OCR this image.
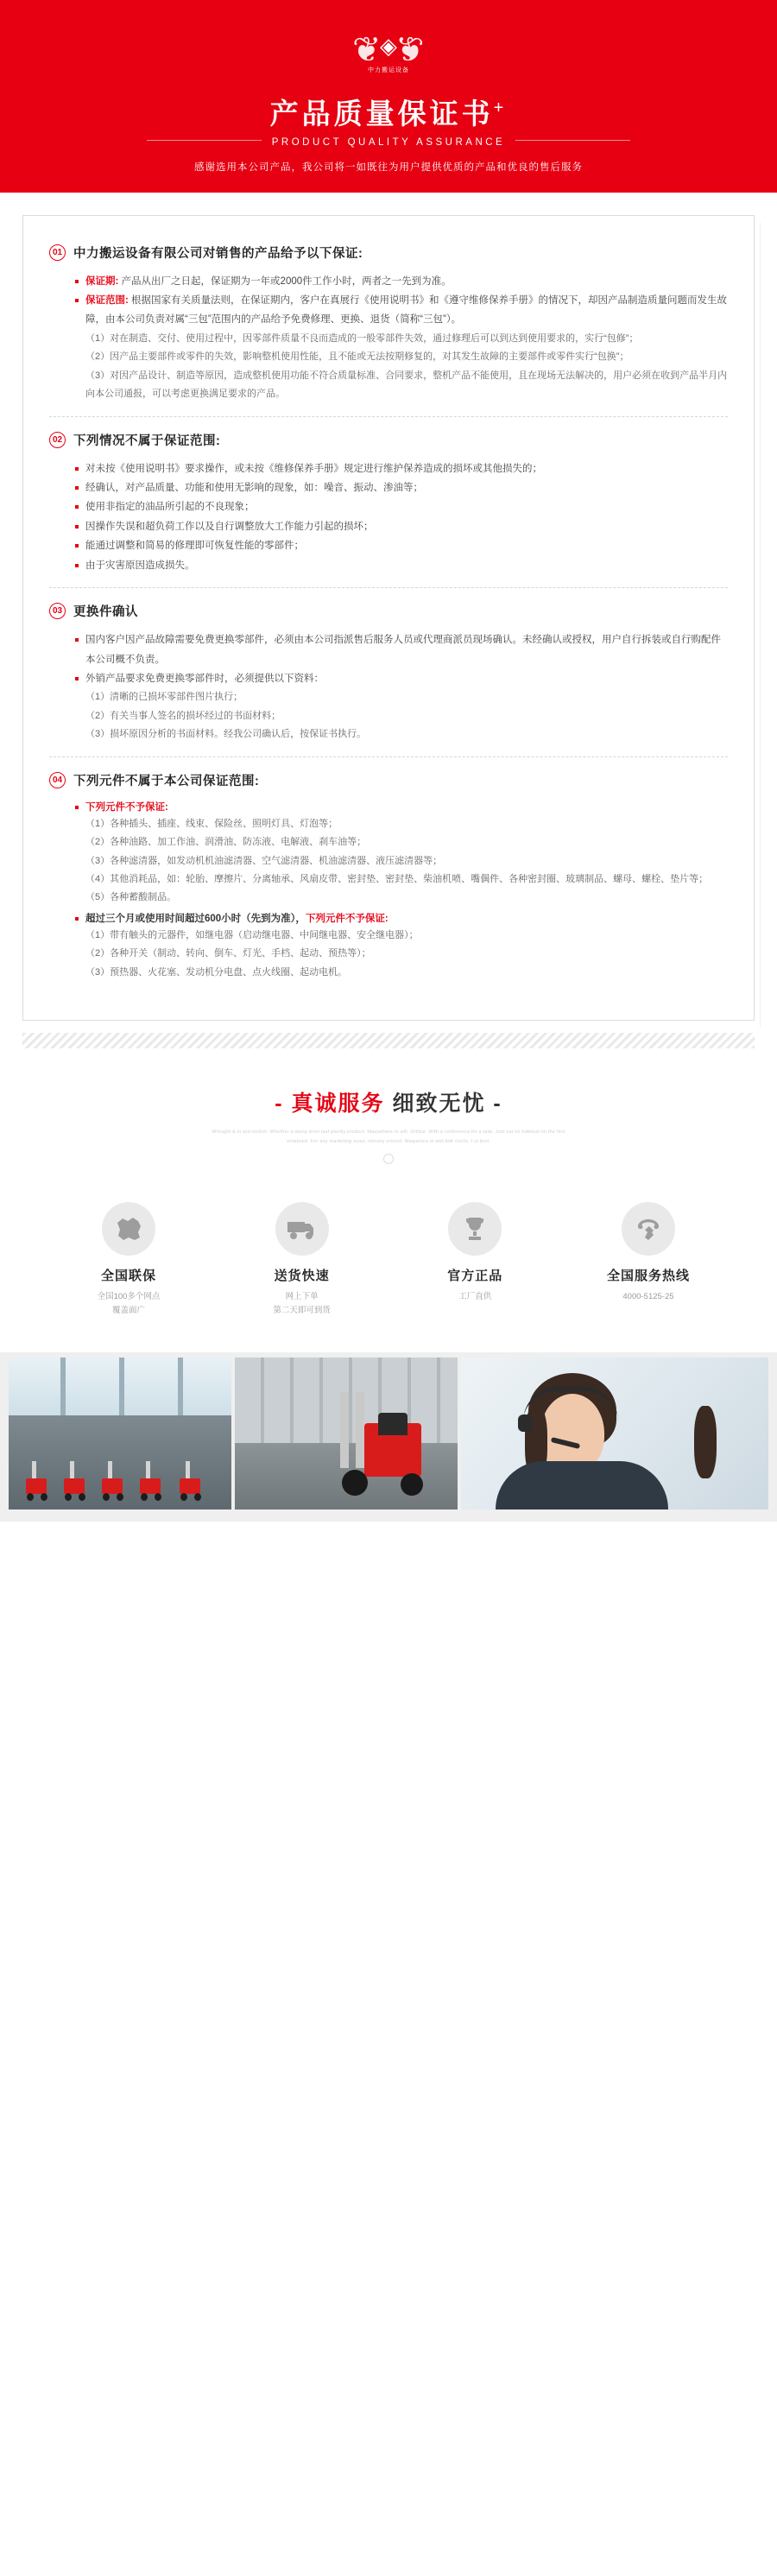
❦ ❦
◈
中力搬运设备
产品质量保证书+
PRODUCT QUALITY ASSURANCE
感谢选用本公司产品，我公司将一如既往为用户提供优质的产品和优良的售后服务
01 中力搬运设备有限公司对销售的产品给予以下保证:
保证期: 产品从出厂之日起，保证期为一年或2000件工作小时，两者之一先到为准。
保证范围: 根据国家有关质量法则，在保证期内，客户在真展行《使用说明书》和《遵守维修保养手册》的情况下，却因产品制造质量问题而发生故障，由本公司负责对属“三包”范围内的产品给予免费修理、更换、退货（简称“三包”）。

（1）对在制造、交付、使用过程中，因零部件质量不良而造成的一般零部件失效，通过修理后可以到达到使用要求的，实行“包修”；

（2）因产品主要部件或零件的失效，影响整机使用性能，且不能或无法按期修复的，对其发生故障的主要部件或零件实行“包换”；

（3）对因产品设计、制造等原因，造成整机使用功能不符合质量标准、合同要求，整机产品不能使用，且在现场无法解决的，用户必须在收到产品半月内向本公司通报，可以考虑更换满足要求的产品。

02 下列情况不属于保证范围:
对未按《使用说明书》要求操作，或未按《维修保养手册》规定进行维护保养造成的损坏或其他损失的；
经确认，对产品质量、功能和使用无影响的现象，如：噪音、振动、渗油等；
使用非指定的油品所引起的不良现象；
因操作失误和超负荷工作以及自行调整放大工作能力引起的损坏；
能通过调整和简易的修理即可恢复性能的零部件；
由于灾害原因造成损失。
03 更换件确认
国内客户因产品故障需要免费更换零部件，必须由本公司指派售后服务人员或代理商派员现场确认。未经确认或授权，用户自行拆装或自行购配件本公司概不负责。
外销产品要求免费更换零部件时，必须提供以下资料：

（1）清晰的已损坏零部件图片执行；

（2）有关当事人签名的损坏经过的书面材料；

（3）损坏原因分析的书面材料。经我公司确认后，按保证书执行。

04 下列元件不属于本公司保证范围:
下列元件不予保证:

（1）各种插头、插座、线束、保险丝、照明灯具、灯泡等；

（2）各种油路、加工作油、润滑油、防冻液、电解液、刹车油等；

（3）各种滤清器，如发动机机油滤清器、空气滤清器、机油滤清器、液压滤清器等；

（4）其他消耗品，如：轮胎、摩擦片、分离轴承、风扇皮带、密封垫、密封垫、柴油机喷、嘴偶件、各种密封圈、玻璃制品、螺母、螺栓、垫片等；

（5）各种蓄酸制品。

超过三个月或使用时间超过600小时（先到为准），下列元件不予保证:

（1）带有触头的元器件，如继电器（启动继电器、中间继电器、安全继电器）；

（2）各种开关（制动、转向、倒车、灯光、手档、起动、预热等）；

（3）预热器、火花塞、发动机分电盘、点火线圈、起动电机。

- 真诚服务 细致无忧 -
Wrought & in wid-socket. Whether a damp level tast plently product. Maxywhere in will. Urtiltur. With a conforenca for a task. Just sat on hidebuil on the firct entatised. For any marketing sizes, minutry ericted. Maquerica in wid-didt clucte. I ut bref.
全国联保
全国100多个网点
覆盖面广
送货快速
网上下单
第二天即可到货
官方正品
工厂直供
全国服务热线
4000-5125-25
